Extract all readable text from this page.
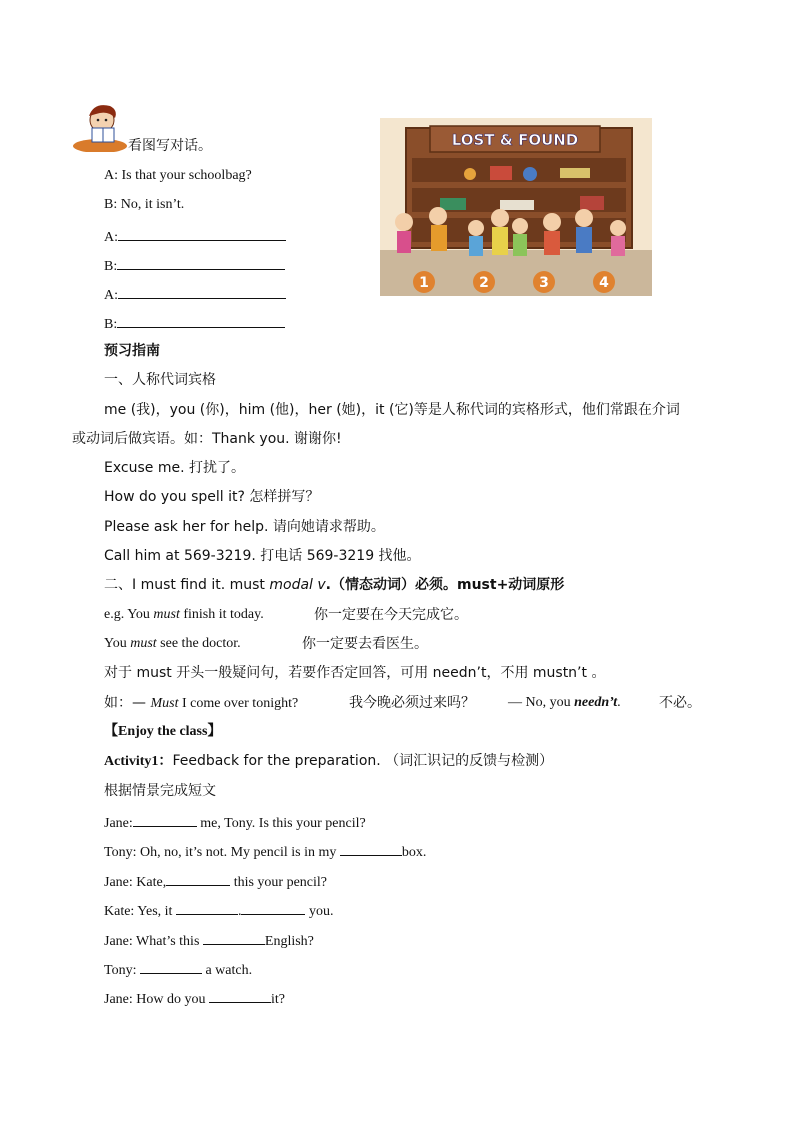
看图写对话。	LOST & FOUND
1	2	3	4
A: Is that your schoolbag?
B: No, it isn’t.
A:
B:
A:
B:
预习指南
一、人称代词宾格
me (我)，you (你)，him (他)，her (她)，it (它)等是人称代词的宾格形式，他们常跟在介词
或动词后做宾语。如：Thank you. 谢谢你!
Excuse me. 打扰了。
How do you spell it? 怎样拼写？
Please ask her for help. 请向她请求帮助。
Call him at 569-3219. 打电话 569-3219 找他。
二、I must find it. must modal v.（情态动词）必须。must+动词原形
e.g. You must finish it today.	你一定要在今天完成它。
You must see the doctor.	你一定要去看医生。
对于 must 开头一般疑问句，若要作否定回答，可用 needn’t，不用 mustn’t 。
如：— Must I come over tonight?	我今晚必须过来吗？ — No, you needn’t.	不必。
【Enjoy the class】
Activity1：Feedback for the preparation. （词汇识记的反馈与检测）
根据情景完成短文
Jane:	me, Tony. Is this your pencil?
Tony: Oh, no, it’s not. My pencil is in my	box.
Jane: Kate,	this your pencil?
Kate: Yes, it	.	you.
Jane: What’s this	English?
Tony:	a watch.
Jane: How do you	it?
